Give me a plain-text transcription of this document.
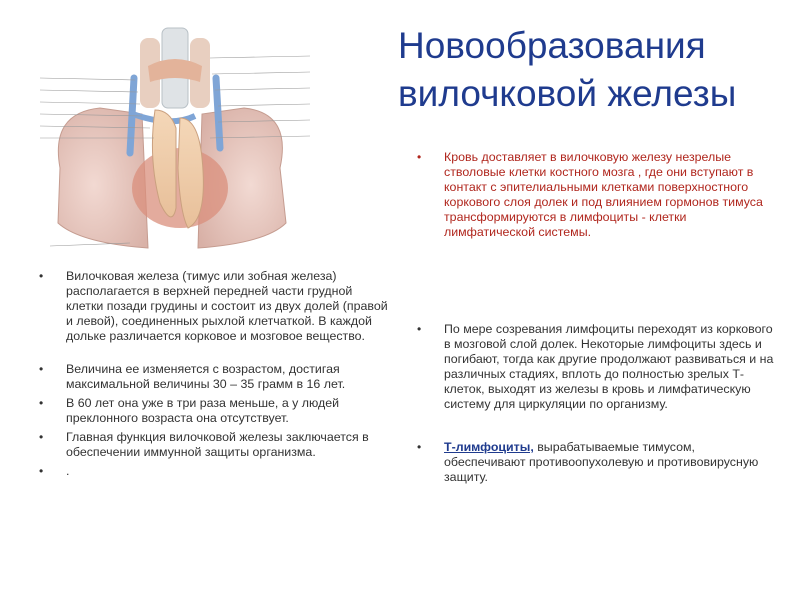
Новообразования
вилочковой железы
•	Вилочковая железа (тимус или зобная железа) располагается в верхней передней части грудной клетки позади грудины и состоит из двух долей (правой и левой), соединенных рыхлой клетчаткой. В каждой дольке различается корковое и мозговое вещество.
•	Величина ее изменяется с возрастом, достигая максимальной величины 30 – 35 грамм в 16 лет.
•	В 60 лет она уже в три раза меньше, а у людей преклонного возраста она отсутствует.
•	Главная функция вилочковой железы заключается в обеспечении иммунной защиты организма.
•	.
•	Кровь доставляет в вилочковую железу незрелые стволовые клетки костного мозга , где они вступают в контакт с эпителиальными клетками поверхностного коркового слоя долек и под влиянием гормонов тимуса трансформируются в лимфоциты - клетки лимфатической системы.
•	По мере созревания лимфоциты переходят из коркового в мозговой слой долек. Некоторые лимфоциты здесь и погибают, тогда как другие продолжают развиваться и на различных стадиях, вплоть до полностью зрелых Т-клеток, выходят из железы в кровь и лимфатическую систему для циркуляции по организму.
•	Т-лимфоциты, вырабатываемые тимусом, обеспечивают противоопухолевую и противовирусную защиту.
